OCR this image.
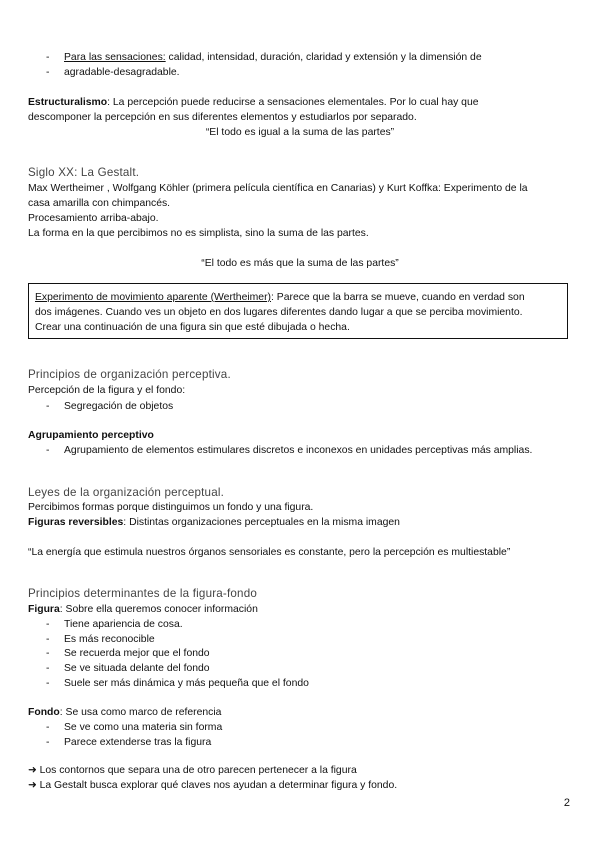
- Para las sensaciones: calidad, intensidad, duración, claridad y extensión y la dimensión de
- agradable-desagradable.
Estructuralismo: La percepción puede reducirse a sensaciones elementales. Por lo cual hay que
descomponer la percepción en sus diferentes elementos y estudiarlos por separado.
“El todo es igual a la suma de las partes”
Siglo XX: La Gestalt.
Max Wertheimer , Wolfgang Köhler (primera película científica en Canarias) y Kurt Koffka: Experimento de la
casa amarilla con chimpancés.
Procesamiento arriba-abajo.
La forma en la que percibimos no es simplista, sino la suma de las partes.
“El todo es más que la suma de las partes”
Experimento de movimiento aparente (Wertheimer): Parece que la barra se mueve, cuando en verdad son
dos imágenes. Cuando ves un objeto en dos lugares diferentes dando lugar a que se perciba movimiento.
Crear una continuación de una figura sin que esté dibujada o hecha.
Principios de organización perceptiva.
Percepción de la figura y el fondo:
- Segregación de objetos
Agrupamiento perceptivo
- Agrupamiento de elementos estimulares discretos e inconexos en unidades perceptivas más amplias.
Leyes de la organización perceptual.
Percibimos formas porque distinguimos un fondo y una figura.
Figuras reversibles: Distintas organizaciones perceptuales en la misma imagen
“La energía que estimula nuestros órganos sensoriales es constante, pero la percepción es multiestable”
Principios determinantes de la figura-fondo
Figura: Sobre ella queremos conocer información
- Tiene apariencia de cosa.
- Es más reconocible
- Se recuerda mejor que el fondo
- Se ve situada delante del fondo
- Suele ser más dinámica y más pequeña que el fondo
Fondo: Se usa como marco de referencia
- Se ve como una materia sin forma
- Parece extenderse tras la figura
➜ Los contornos que separa una de otro parecen pertenecer a la figura
➜ La Gestalt busca explorar qué claves nos ayudan a determinar figura y fondo.
2
